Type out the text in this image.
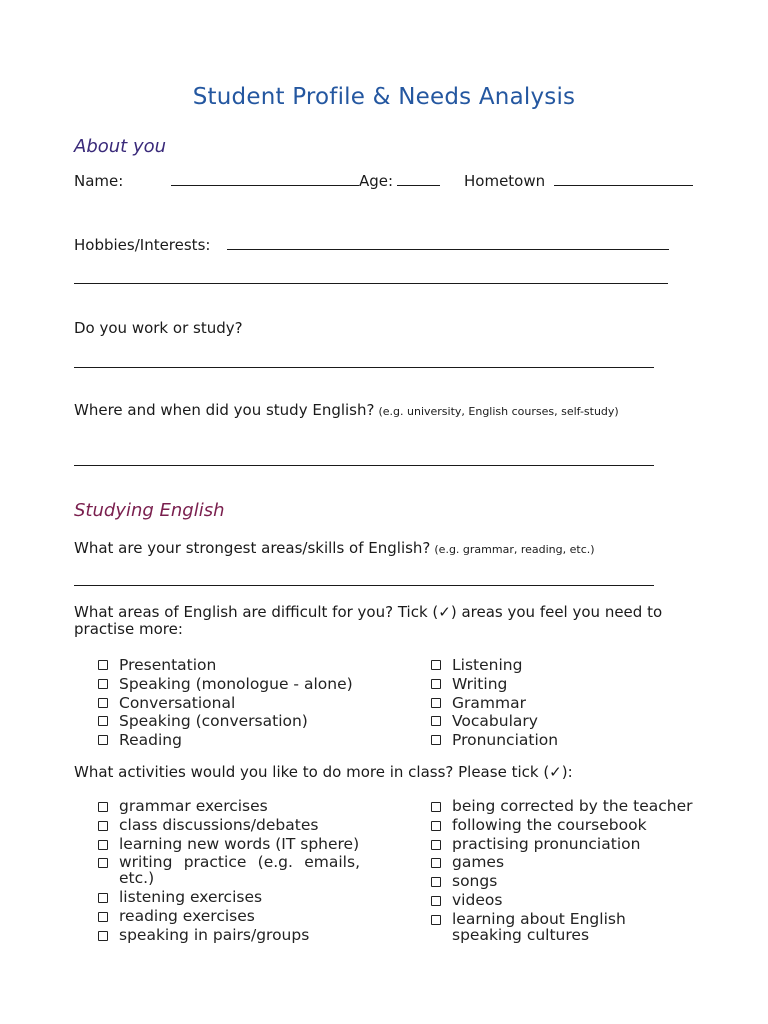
Student Profile & Needs Analysis
About you
Name:	Age:	Hometown
Hobbies/Interests:
Do you work or study?
Where and when did you study English? (e.g. university, English courses, self-study)
Studying English
What are your strongest areas/skills of English? (e.g. grammar, reading, etc.)
What areas of English are difficult for you? Tick (✓) areas you feel you need to practise more:
Presentation
Speaking (monologue - alone)
Conversational
Speaking (conversation)
Reading
Listening
Writing
Grammar
Vocabulary
Pronunciation
What activities would you like to do more in class? Please tick (✓):
grammar exercises
class discussions/debates
learning new words (IT sphere)
writing practice (e.g. emails, etc.)
listening exercises
reading exercises
speaking in pairs/groups
being corrected by the teacher
following the coursebook
practising pronunciation
games
songs
videos
learning about English speaking cultures
